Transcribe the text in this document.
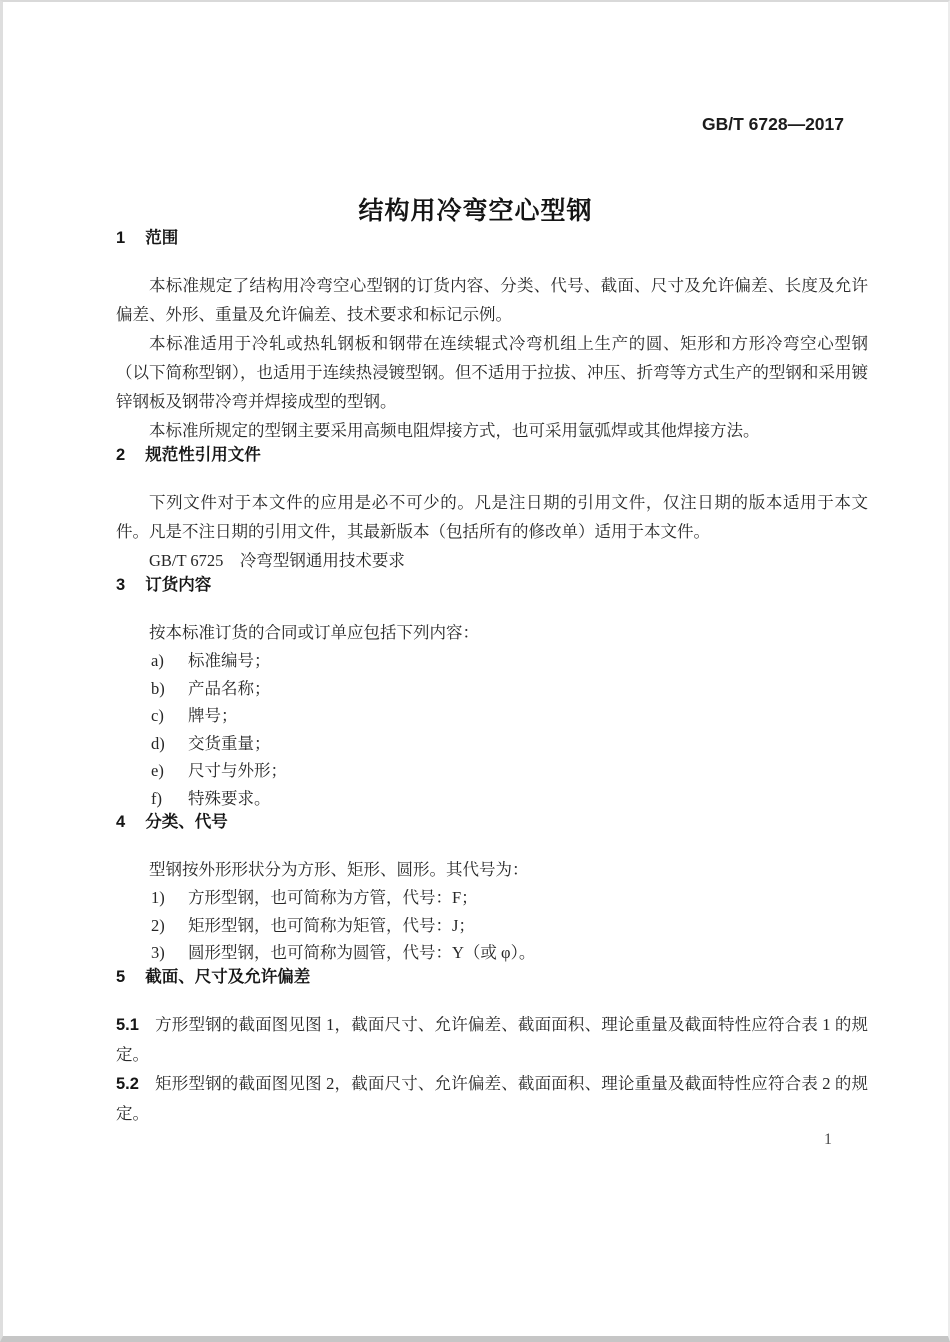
GB/T 6728—2017
结构用冷弯空心型钢
1 范围

本标准规定了结构用冷弯空心型钢的订货内容、分类、代号、截面、尺寸及允许偏差、长度及允许偏差、外形、重量及允许偏差、技术要求和标记示例。

本标准适用于冷轧或热轧钢板和钢带在连续辊式冷弯机组上生产的圆、矩形和方形冷弯空心型钢（以下简称型钢），也适用于连续热浸镀型钢。但不适用于拉拔、冲压、折弯等方式生产的型钢和采用镀锌钢板及钢带冷弯并焊接成型的型钢。

本标准所规定的型钢主要采用高频电阻焊接方式，也可采用氩弧焊或其他焊接方法。

2 规范性引用文件

下列文件对于本文件的应用是必不可少的。凡是注日期的引用文件，仅注日期的版本适用于本文件。凡是不注日期的引用文件，其最新版本（包括所有的修改单）适用于本文件。

GB/T 6725　冷弯型钢通用技术要求

3 订货内容

按本标准订货的合同或订单应包括下列内容：

a) 标准编号；
b) 产品名称；
c) 牌号；
d) 交货重量；
e) 尺寸与外形；
f) 特殊要求。
4 分类、代号

型钢按外形形状分为方形、矩形、圆形。其代号为：

1) 方形型钢，也可简称为方管，代号：F；
2) 矩形型钢，也可简称为矩管，代号：J；
3) 圆形型钢，也可简称为圆管，代号：Y（或 φ）。
5 截面、尺寸及允许偏差

5.1 方形型钢的截面图见图 1，截面尺寸、允许偏差、截面面积、理论重量及截面特性应符合表 1 的规定。

5.2 矩形型钢的截面图见图 2，截面尺寸、允许偏差、截面面积、理论重量及截面特性应符合表 2 的规定。

1
